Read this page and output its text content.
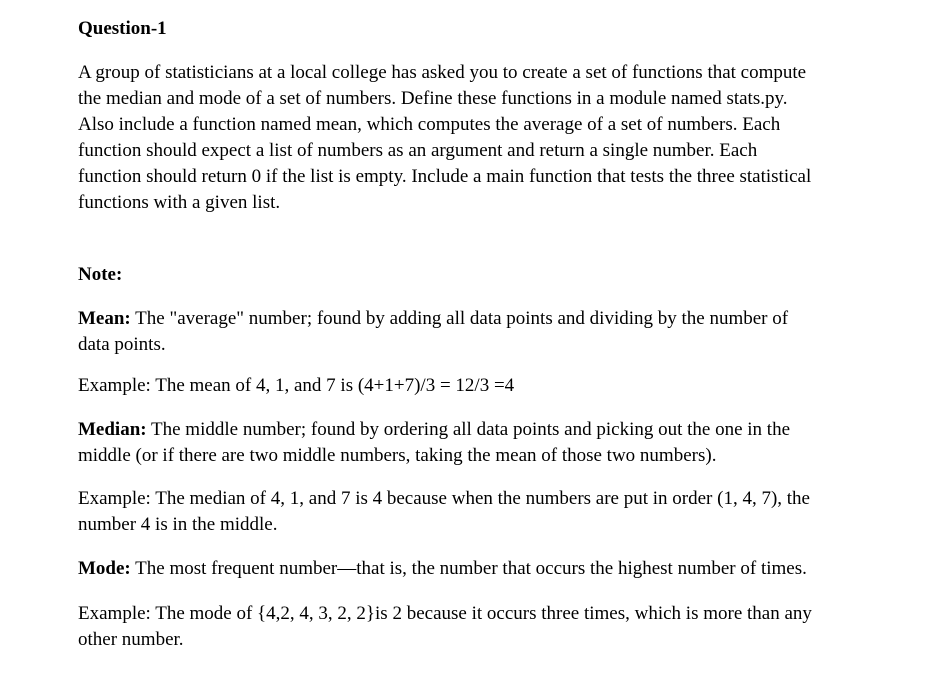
Question-1
A group of statisticians at a local college has asked you to create a set of functions that compute
the median and mode of a set of numbers. Define these functions in a module named stats.py.
Also include a function named mean, which computes the average of a set of numbers. Each
function should expect a list of numbers as an argument and return a single number. Each
function should return 0 if the list is empty. Include a main function that tests the three statistical
functions with a given list.
Note:
Mean: The "average" number; found by adding all data points and dividing by the number of
data points.
Example: The mean of 4, 1, and 7 is (4+1+7)/3 = 12/3 =4
Median: The middle number; found by ordering all data points and picking out the one in the
middle (or if there are two middle numbers, taking the mean of those two numbers).
Example: The median of 4, 1, and 7 is 4 because when the numbers are put in order (1, 4, 7), the
number 4 is in the middle.
Mode: The most frequent number—that is, the number that occurs the highest number of times.
Example: The mode of {4,2, 4, 3, 2, 2}is 2 because it occurs three times, which is more than any
other number.
